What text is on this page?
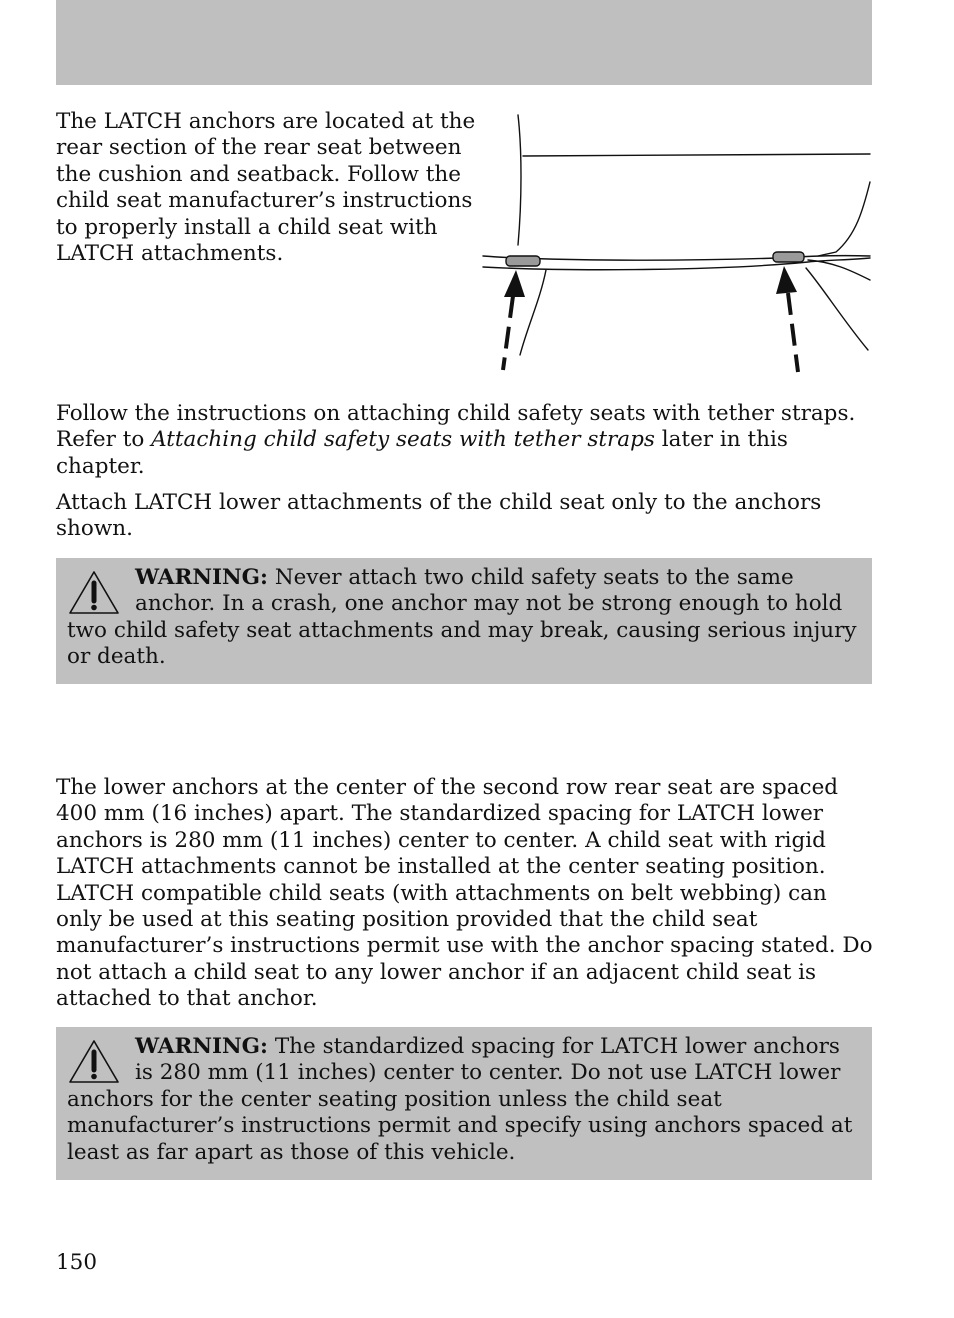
The LATCH anchors are located at the rear section of the rear seat between the cushion and seatback. Follow the child seat manufacturer’s instructions to properly install a child seat with LATCH attachments.

Follow the instructions on attaching child safety seats with tether straps. Refer to Attaching child safety seats with tether straps later in this chapter.

Attach LATCH lower attachments of the child seat only to the anchors shown.

WARNING: Never attach two child safety seats to the same anchor. In a crash, one anchor may not be strong enough to hold two child safety seat attachments and may break, causing serious injury or death.

The lower anchors at the center of the second row rear seat are spaced 400 mm (16 inches) apart. The standardized spacing for LATCH lower anchors is 280 mm (11 inches) center to center. A child seat with rigid LATCH attachments cannot be installed at the center seating position. LATCH compatible child seats (with attachments on belt webbing) can only be used at this seating position provided that the child seat manufacturer’s instructions permit use with the anchor spacing stated. Do not attach a child seat to any lower anchor if an adjacent child seat is attached to that anchor.

WARNING: The standardized spacing for LATCH lower anchors is 280 mm (11 inches) center to center. Do not use LATCH lower anchors for the center seating position unless the child seat manufacturer’s instructions permit and specify using anchors spaced at least as far apart as those of this vehicle.
150
